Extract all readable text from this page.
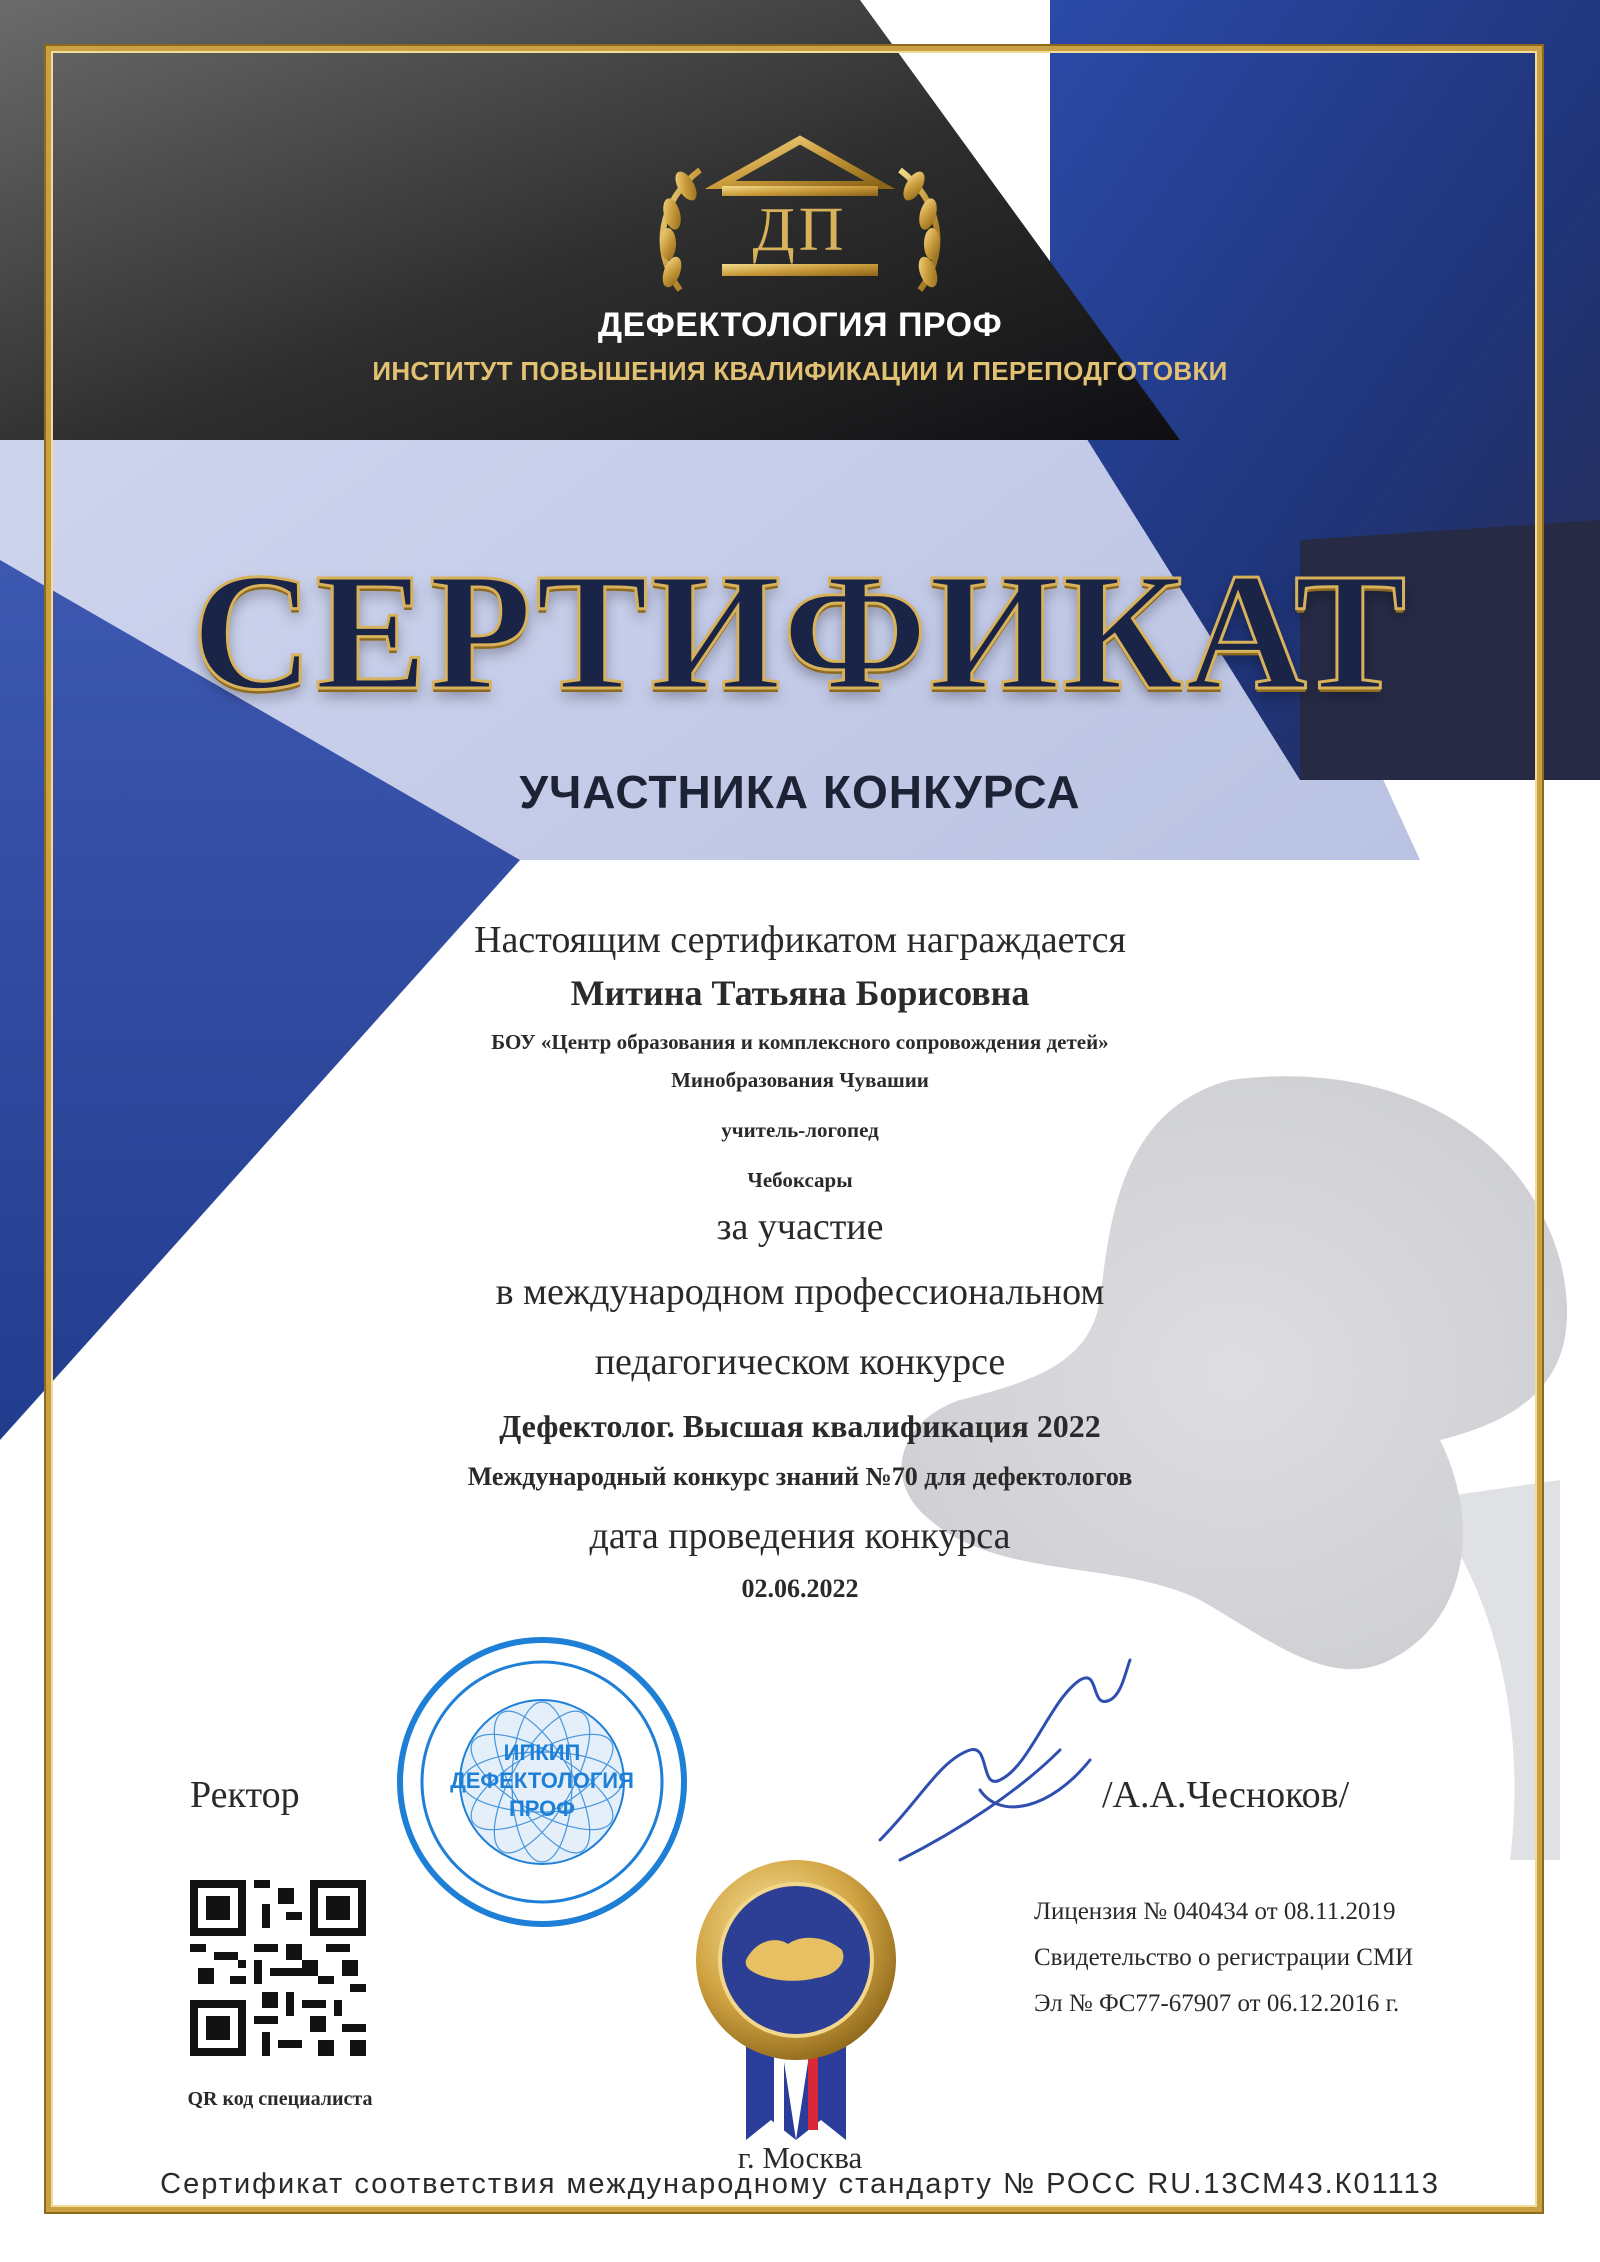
ДП
ДЕФЕКТОЛОГИЯ ПРОФ
ИНСТИТУТ ПОВЫШЕНИЯ КВАЛИФИКАЦИИ И ПЕРЕПОДГОТОВКИ
СЕРТИФИКАТ
УЧАСТНИКА КОНКУРСА
Настоящим сертификатом награждается
Митина Татьяна Борисовна
БОУ «Центр образования и комплексного сопровождения детей»
Минобразования Чувашии
учитель-логопед
Чебоксары
за участие
в международном профессиональном
педагогическом конкурсе
Дефектолог. Высшая квалификация 2022
Международный конкурс знаний №70 для дефектологов
дата проведения конкурса
02.06.2022
ИПКИП
ДЕФЕКТОЛОГИЯ
ПРОФ
Ректор	/А.А.Чесноков/
QR код специалиста
Лицензия № 040434 от 08.11.2019
Свидетельство о регистрации СМИ
Эл № ФС77-67907 от 06.12.2016 г.
г. Москва
Сертификат соответствия международному стандарту № РОСС RU.13СМ43.К01113
